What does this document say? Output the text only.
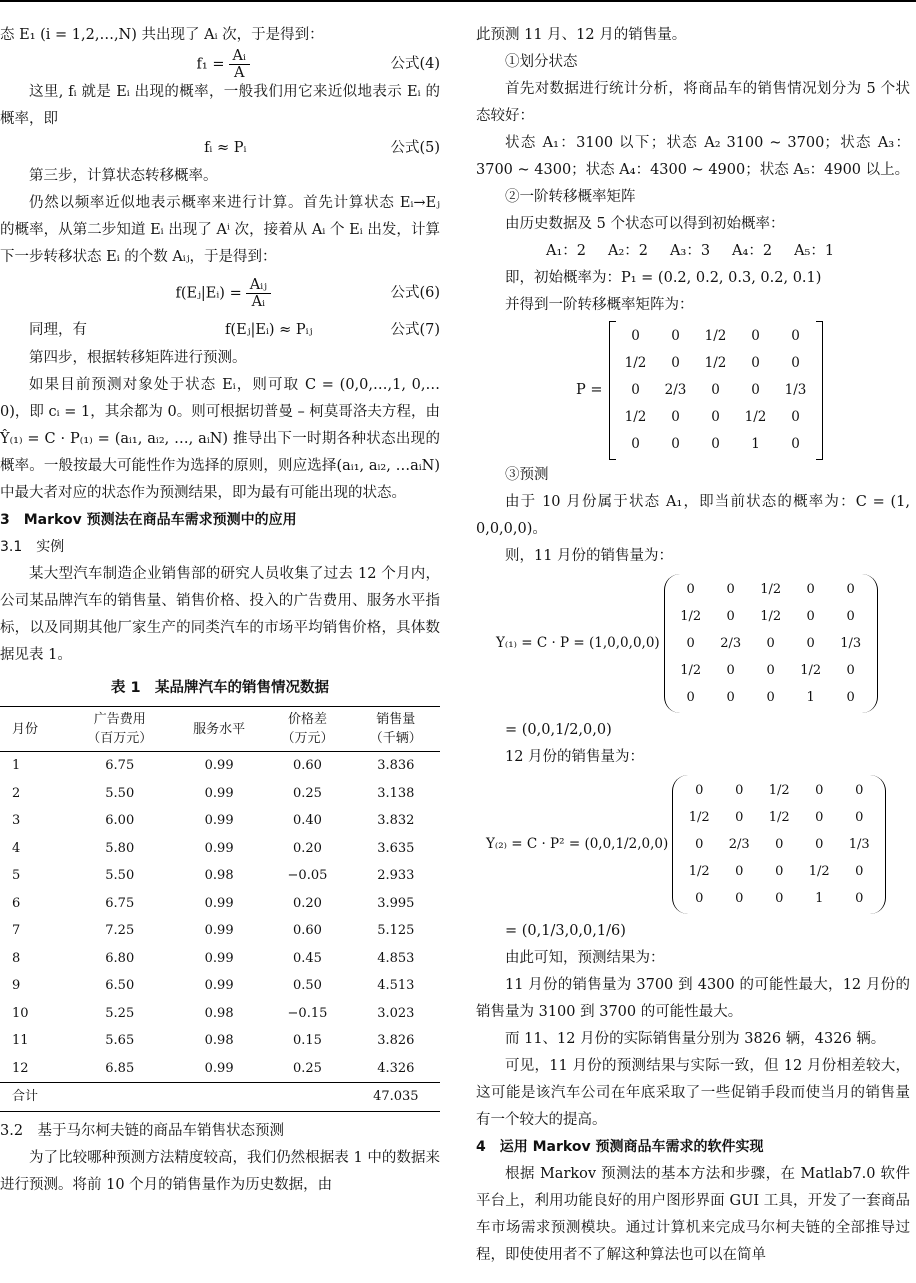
态 E₁ (i = 1,2,…,N) 共出现了 Aᵢ 次，于是得到：

$f_1 = \frac{\text{Aᵢ}}{A}$	公式(4)

这里, fᵢ 就是 Eᵢ 出现的概率，一般我们用它来近似地表示 Eᵢ 的概率，即

fᵢ ≈ Pᵢ	公式(5)

第三步，计算状态转移概率。

仍然以频率近似地表示概率来进行计算。首先计算状态 Eᵢ→Eⱼ 的概率，从第二步知道 Eᵢ 出现了 Aⁱ 次，接着从 Aᵢ 个 Eᵢ 出发，计算下一步转移状态 Eᵢ 的个数 Aᵢⱼ，于是得到：

f(Eⱼ|Eᵢ) = $\frac{\text{Aᵢⱼ}}{\text{Aᵢ}}$	公式(6)
同理，有	f(Eⱼ|Eᵢ) ≈ Pᵢⱼ	公式(7)

第四步，根据转移矩阵进行预测。

如果目前预测对象处于状态 Eᵢ，则可取 C = (0,0,…,1, 0,…0)，即 cᵢ = 1，其余都为 0。则可根据切普曼 – 柯莫哥洛夫方程，由 Ŷ₍₁₎ = C · P₍₁₎ = (aᵢ₁, aᵢ₂, …, aᵢN) 推导出下一时期各种状态出现的概率。一般按最大可能性作为选择的原则，则应选择(aᵢ₁, aᵢ₂, …aᵢN)中最大者对应的状态作为预测结果，即为最有可能出现的状态。

3　Markov 预测法在商品车需求预测中的应用

3.1　实例

某大型汽车制造企业销售部的研究人员收集了过去 12 个月内，公司某品牌汽车的销售量、销售价格、投入的广告费用、服务水平指标，以及同期其他厂家生产的同类汽车的市场平均销售价格，具体数据见表 1。

表 1　某品牌汽车的销售情况数据
月份	广告费用
（百万元）	服务水平	价格差
（万元）	销售量
（千辆）
1	6.75	0.99	0.60	3.836
2	5.50	0.99	0.25	3.138
3	6.00	0.99	0.40	3.832
4	5.80	0.99	0.20	3.635
5	5.50	0.98	−0.05	2.933
6	6.75	0.99	0.20	3.995
7	7.25	0.99	0.60	5.125
8	6.80	0.99	0.45	4.853
9	6.50	0.99	0.50	4.513
10	5.25	0.98	−0.15	3.023
11	5.65	0.98	0.15	3.826
12	6.85	0.99	0.25	4.326
合计				47.035

3.2　基于马尔柯夫链的商品车销售状态预测

为了比较哪种预测方法精度较高，我们仍然根据表 1 中的数据来进行预测。将前 10 个月的销售量作为历史数据，由

此预测 11 月、12 月的销售量。

①划分状态

首先对数据进行统计分析，将商品车的销售情况划分为 5 个状态较好：

状态 A₁：3100 以下；状态 A₂ 3100 ~ 3700；状态 A₃：3700 ~ 4300；状态 A₄：4300 ~ 4900；状态 A₅：4900 以上。

②一阶转移概率矩阵

由历史数据及 5 个状态可以得到初始概率：

A₁：2 A₂：2 A₃：3 A₄：2 A₅：1

即，初始概率为：P₁ = (0.2, 0.2, 0.3, 0.2, 0.1)

并得到一阶转移概率矩阵为：

P =
0	0	1/2	0	0
1/2	0	1/2	0	0
0	2/3	0	0	1/3
1/2	0	0	1/2	0
0	0	0	1	0

③预测

由于 10 月份属于状态 A₁，即当前状态的概率为：C = (1, 0,0,0,0)。

则，11 月份的销售量为：

Y₍₁₎ = C · P = (1,0,0,0,0)
0	0	1/2	0	0
1/2	0	1/2	0	0
0	2/3	0	0	1/3
1/2	0	0	1/2	0
0	0	0	1	0

= (0,0,1/2,0,0)

12 月份的销售量为：

Y₍₂₎ = C · P² = (0,0,1/2,0,0)
0	0	1/2	0	0
1/2	0	1/2	0	0
0	2/3	0	0	1/3
1/2	0	0	1/2	0
0	0	0	1	0

= (0,1/3,0,0,1/6)

由此可知，预测结果为：

11 月份的销售量为 3700 到 4300 的可能性最大，12 月份的销售量为 3100 到 3700 的可能性最大。

而 11、12 月份的实际销售量分别为 3826 辆，4326 辆。

可见，11 月份的预测结果与实际一致，但 12 月份相差较大，这可能是该汽车公司在年底采取了一些促销手段而使当月的销售量有一个较大的提高。

4　运用 Markov 预测商品车需求的软件实现

根据 Markov 预测法的基本方法和步骤，在 Matlab7.0 软件平台上，利用功能良好的用户图形界面 GUI 工具，开发了一套商品车市场需求预测模块。通过计算机来完成马尔柯夫链的全部推导过程，即使使用者不了解这种算法也可以在简单
